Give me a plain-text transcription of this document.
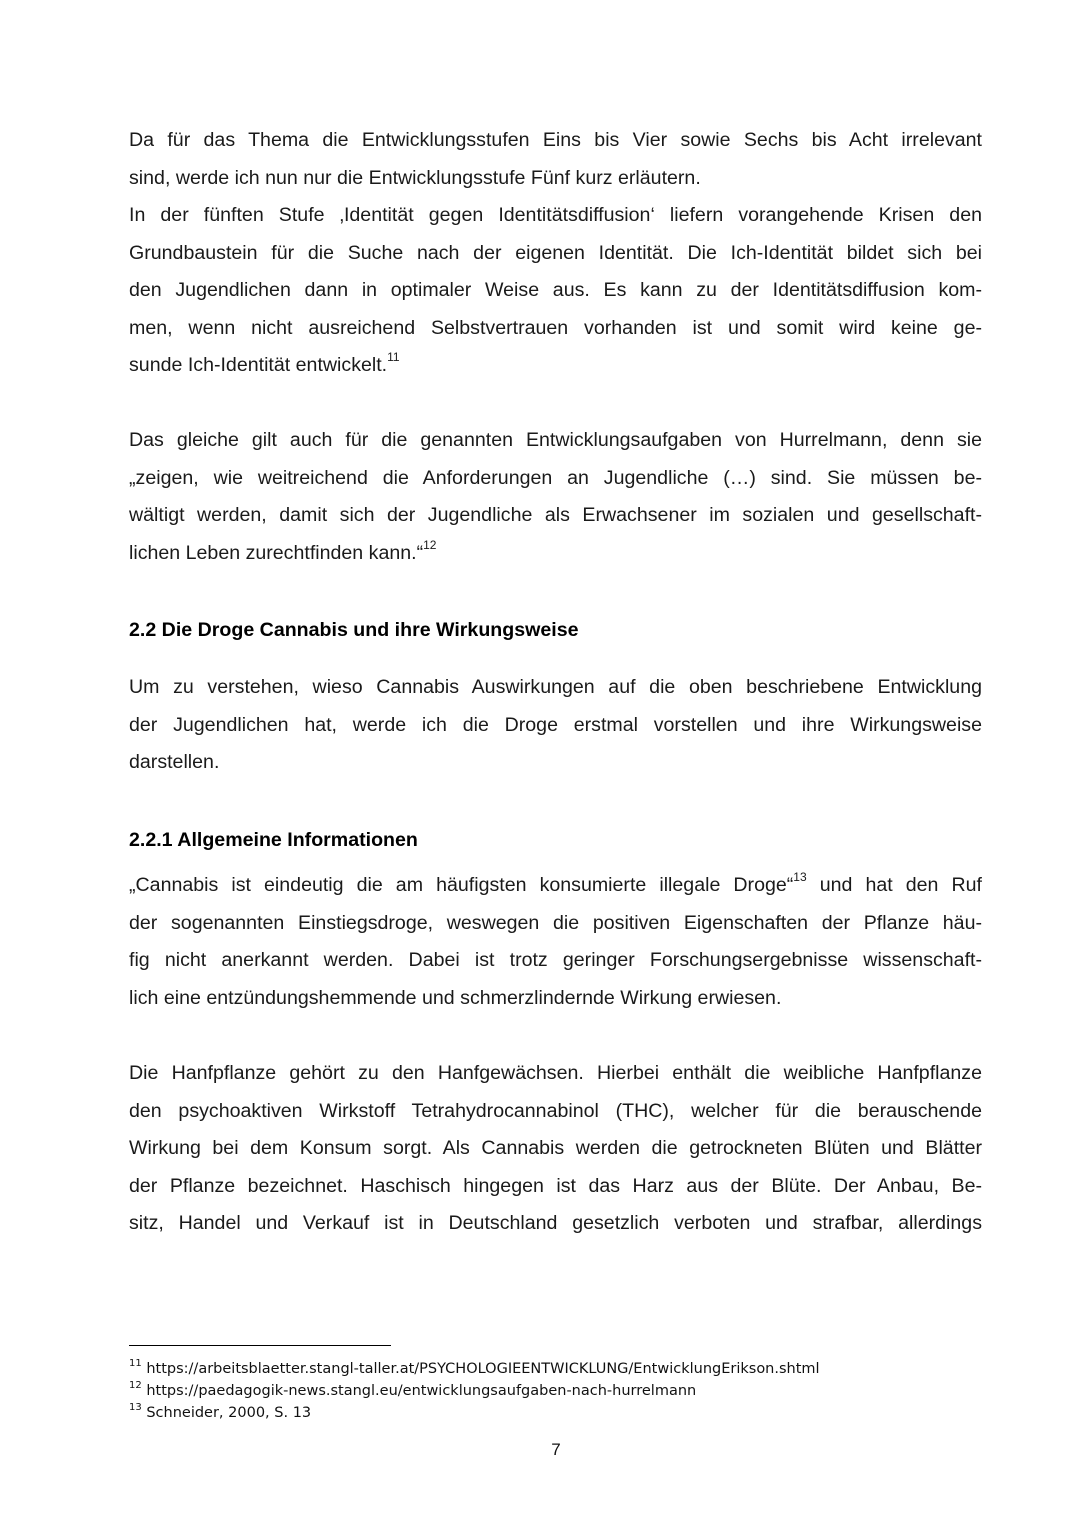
Da für das Thema die Entwicklungsstufen Eins bis Vier sowie Sechs bis Acht irrelevant
sind, werde ich nun nur die Entwicklungsstufe Fünf kurz erläutern.
In der fünften Stufe ‚Identität gegen Identitätsdiffusion‘ liefern vorangehende Krisen den
Grundbaustein für die Suche nach der eigenen Identität. Die Ich-Identität bildet sich bei
den Jugendlichen dann in optimaler Weise aus. Es kann zu der Identitätsdiffusion kom-
men, wenn nicht ausreichend Selbstvertrauen vorhanden ist und somit wird keine ge-
sunde Ich-Identität entwickelt.$^{11}$
Das gleiche gilt auch für die genannten Entwicklungsaufgaben von Hurrelmann, denn sie
„zeigen, wie weitreichend die Anforderungen an Jugendliche (…) sind. Sie müssen be-
wältigt werden, damit sich der Jugendliche als Erwachsener im sozialen und gesellschaft-
lichen Leben zurechtfinden kann.“$^{12}$
2.2 Die Droge Cannabis und ihre Wirkungsweise
Um zu verstehen, wieso Cannabis Auswirkungen auf die oben beschriebene Entwicklung
der Jugendlichen hat, werde ich die Droge erstmal vorstellen und ihre Wirkungsweise
darstellen.
2.2.1 Allgemeine Informationen
„Cannabis ist eindeutig die am häufigsten konsumierte illegale Droge“$^{13}$ und hat den Ruf
der sogenannten Einstiegsdroge, weswegen die positiven Eigenschaften der Pflanze häu-
fig nicht anerkannt werden. Dabei ist trotz geringer Forschungsergebnisse wissenschaft-
lich eine entzündungshemmende und schmerzlindernde Wirkung erwiesen.
Die Hanfpflanze gehört zu den Hanfgewächsen. Hierbei enthält die weibliche Hanfpflanze
den psychoaktiven Wirkstoff Tetrahydrocannabinol (THC), welcher für die berauschende
Wirkung bei dem Konsum sorgt. Als Cannabis werden die getrockneten Blüten und Blätter
der Pflanze bezeichnet. Haschisch hingegen ist das Harz aus der Blüte. Der Anbau, Be-
sitz, Handel und Verkauf ist in Deutschland gesetzlich verboten und strafbar, allerdings
$^{11}$ https://arbeitsblaetter.stangl-taller.at/PSYCHOLOGIEENTWICKLUNG/EntwicklungErikson.shtml
$^{12}$ https://paedagogik-news.stangl.eu/entwicklungsaufgaben-nach-hurrelmann
$^{13}$ Schneider, 2000, S. 13
7
